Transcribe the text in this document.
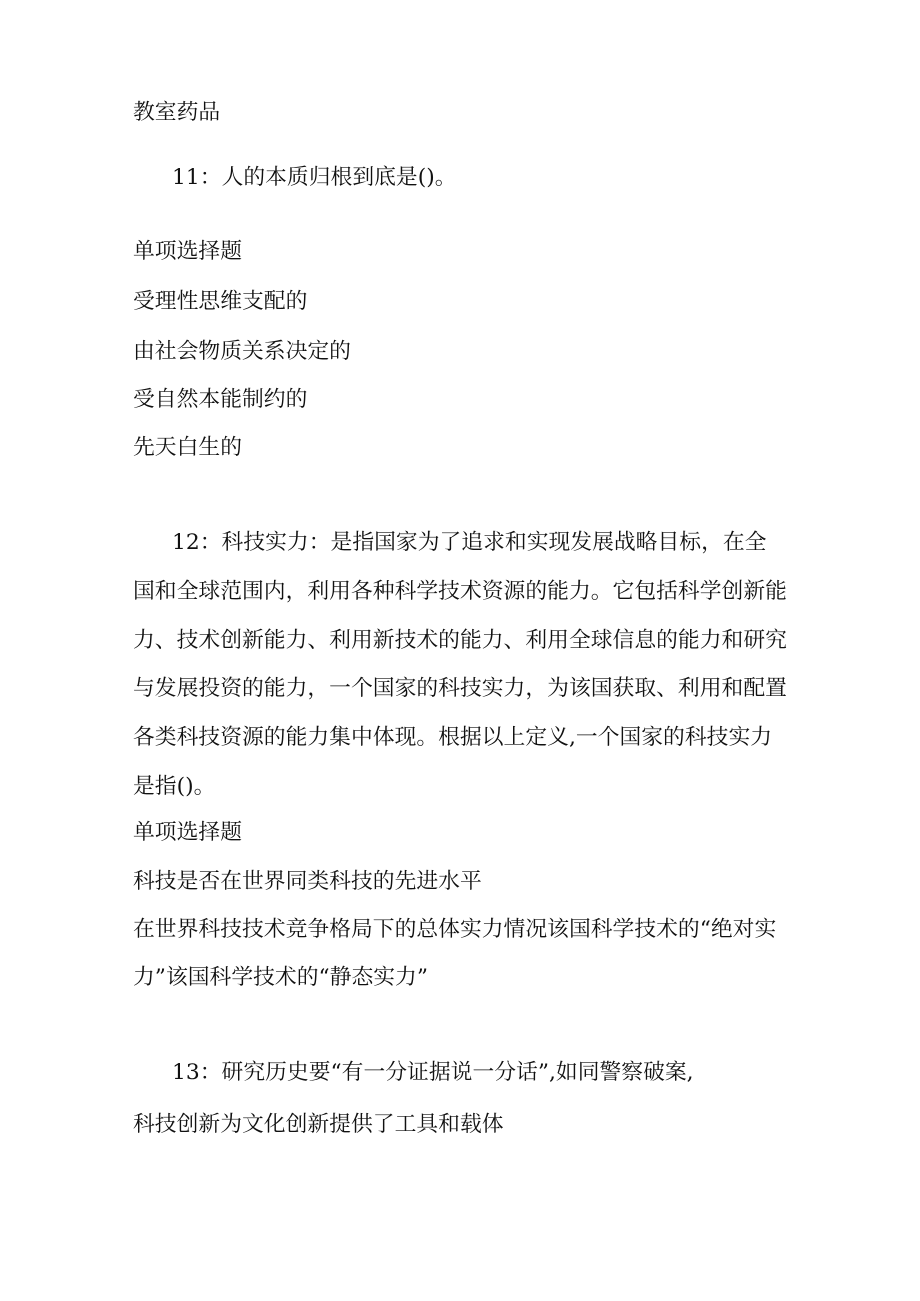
教室药品
11：人的本质归根到底是()。
单项选择题
受理性思维支配的
由社会物质关系决定的
受自然本能制约的
先天白生的
12：科技实力：是指国家为了追求和实现发展战略目标，在全
国和全球范围内，利用各种科学技术资源的能力。它包括科学创新能
力、技术创新能力、利用新技术的能力、利用全球信息的能力和研究
与发展投资的能力，一个国家的科技实力，为该国获取、利用和配置
各类科技资源的能力集中体现。根据以上定义,一个国家的科技实力
是指()。
单项选择题
科技是否在世界同类科技的先进水平
在世界科技技术竞争格局下的总体实力情况该国科学技术的“绝对实
力”该国科学技术的“静态实力”
13：研究历史要“有一分证据说一分话”,如同警察破案,
科技创新为文化创新提供了工具和载体
